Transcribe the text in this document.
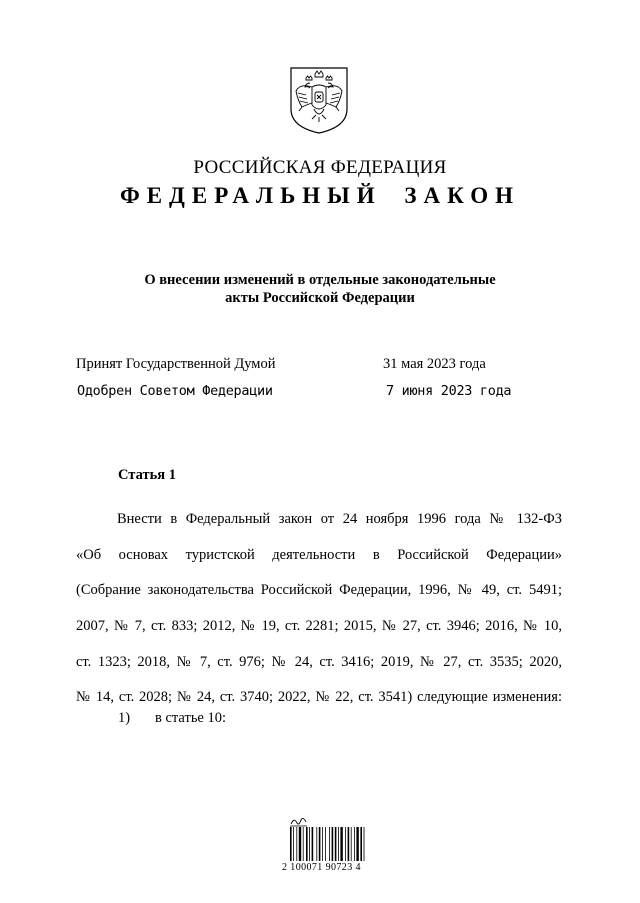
РОССИЙСКАЯ ФЕДЕРАЦИЯ
ФЕДЕРАЛЬНЫЙ ЗАКОН
О внесении изменений в отдельные законодательные
акты Российской Федерации
Принят Государственной Думой	31 мая 2023 года
Одобрен Советом Федерации	7 июня 2023 года
Статья 1
Внести в Федеральный закон от 24 ноября 1996 года № 132-ФЗ
«Об основах туристской деятельности в Российской Федерации»
(Собрание законодательства Российской Федерации, 1996, № 49, ст. 5491;
2007, № 7, ст. 833; 2012, № 19, ст. 2281; 2015, № 27, ст. 3946; 2016, № 10,
ст. 1323; 2018, № 7, ст. 976; № 24, ст. 3416; 2019, № 27, ст. 3535; 2020,
№ 14, ст. 2028; № 24, ст. 3740; 2022, № 22, ст. 3541) следующие изменения:
1) в статье 10:
2 100071 90723 4
